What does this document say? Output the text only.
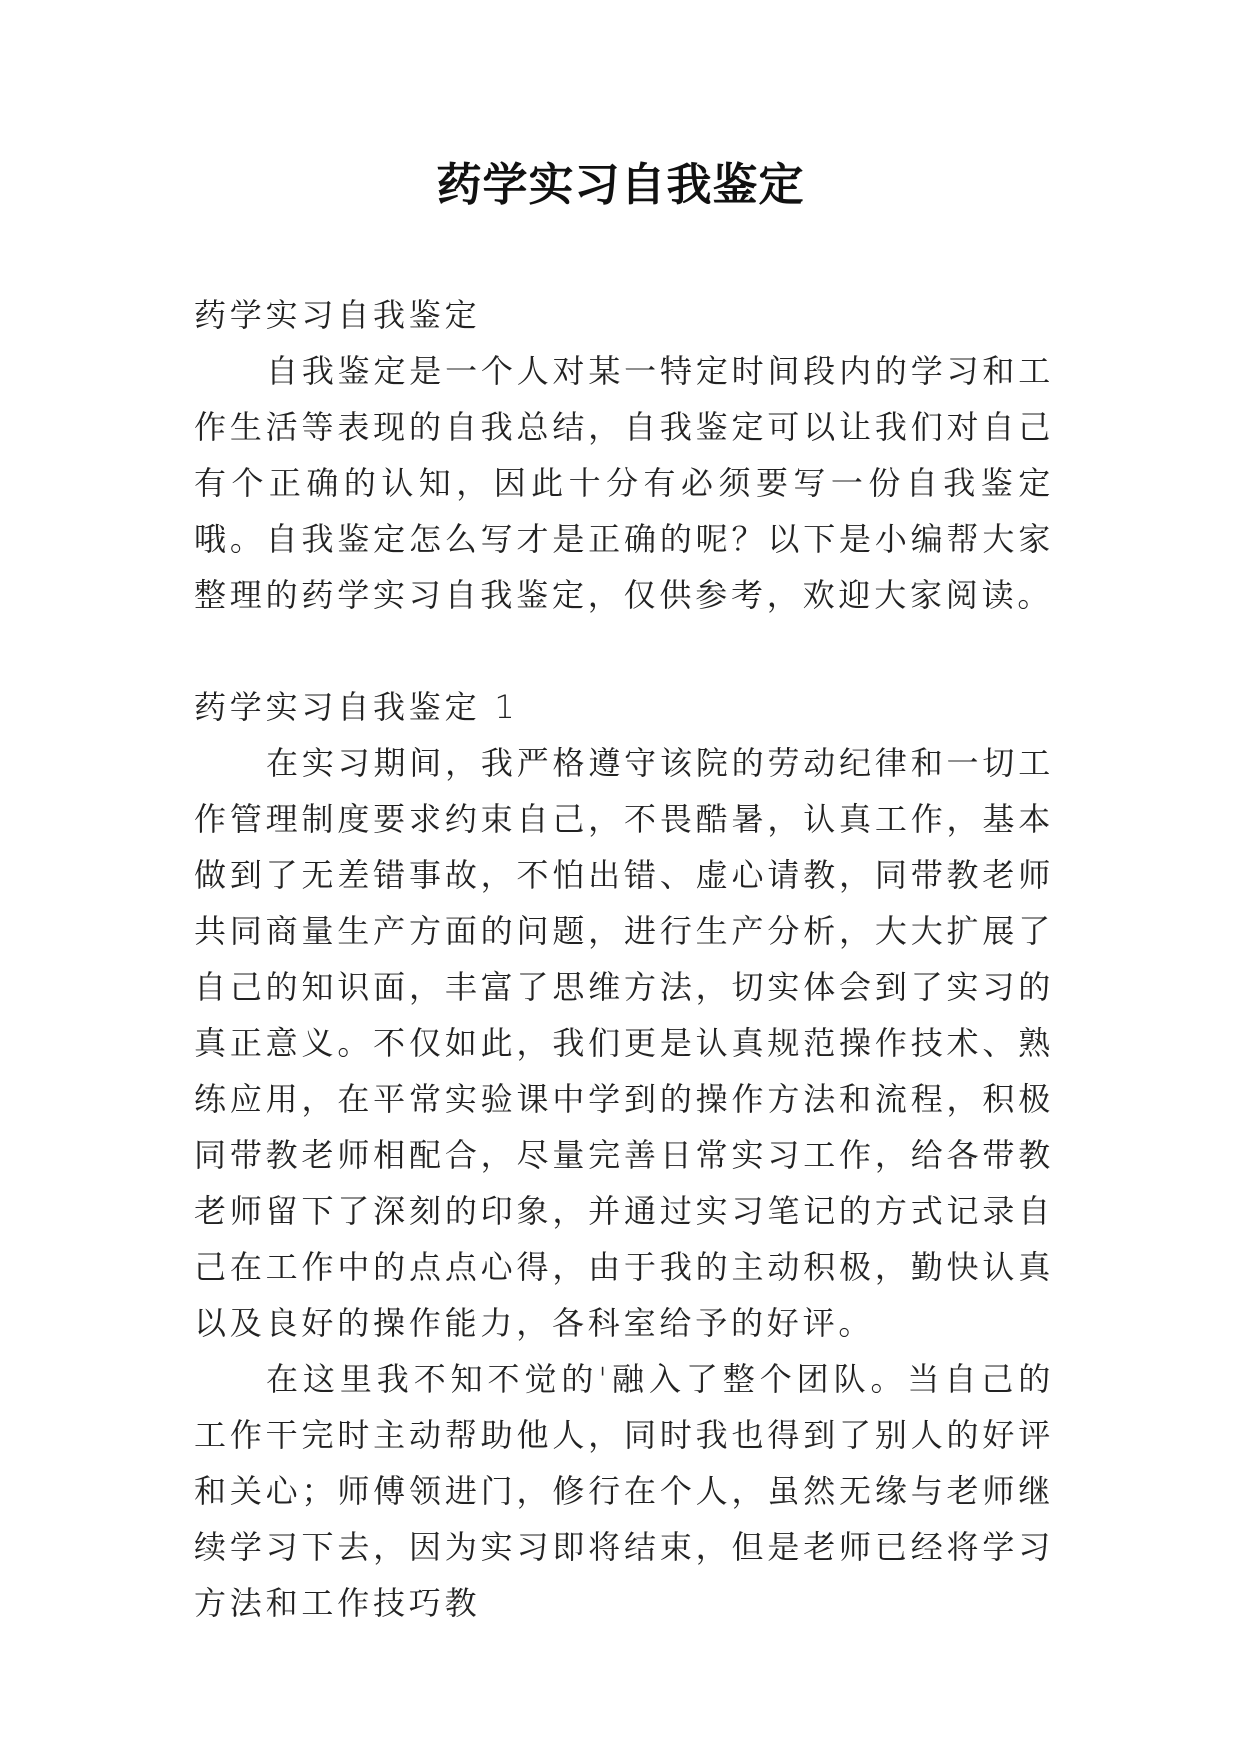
药学实习自我鉴定

药学实习自我鉴定

自我鉴定是一个人对某一特定时间段内的学习和工作生活等表现的自我总结，自我鉴定可以让我们对自己有个正确的认知，因此十分有必须要写一份自我鉴定哦。自我鉴定怎么写才是正确的呢？以下是小编帮大家整理的药学实习自我鉴定，仅供参考，欢迎大家阅读。

药学实习自我鉴定 1

在实习期间，我严格遵守该院的劳动纪律和一切工作管理制度要求约束自己，不畏酷暑，认真工作，基本做到了无差错事故，不怕出错、虚心请教，同带教老师共同商量生产方面的问题，进行生产分析，大大扩展了自己的知识面，丰富了思维方法，切实体会到了实习的真正意义。不仅如此，我们更是认真规范操作技术、熟练应用，在平常实验课中学到的操作方法和流程，积极同带教老师相配合，尽量完善日常实习工作，给各带教老师留下了深刻的印象，并通过实习笔记的方式记录自己在工作中的点点心得，由于我的主动积极，勤快认真以及良好的操作能力，各科室给予的好评。

在这里我不知不觉的'融入了整个团队。当自己的工作干完时主动帮助他人，同时我也得到了别人的好评和关心；师傅领进门，修行在个人，虽然无缘与老师继续学习下去，因为实习即将结束，但是老师已经将学习方法和工作技巧教
